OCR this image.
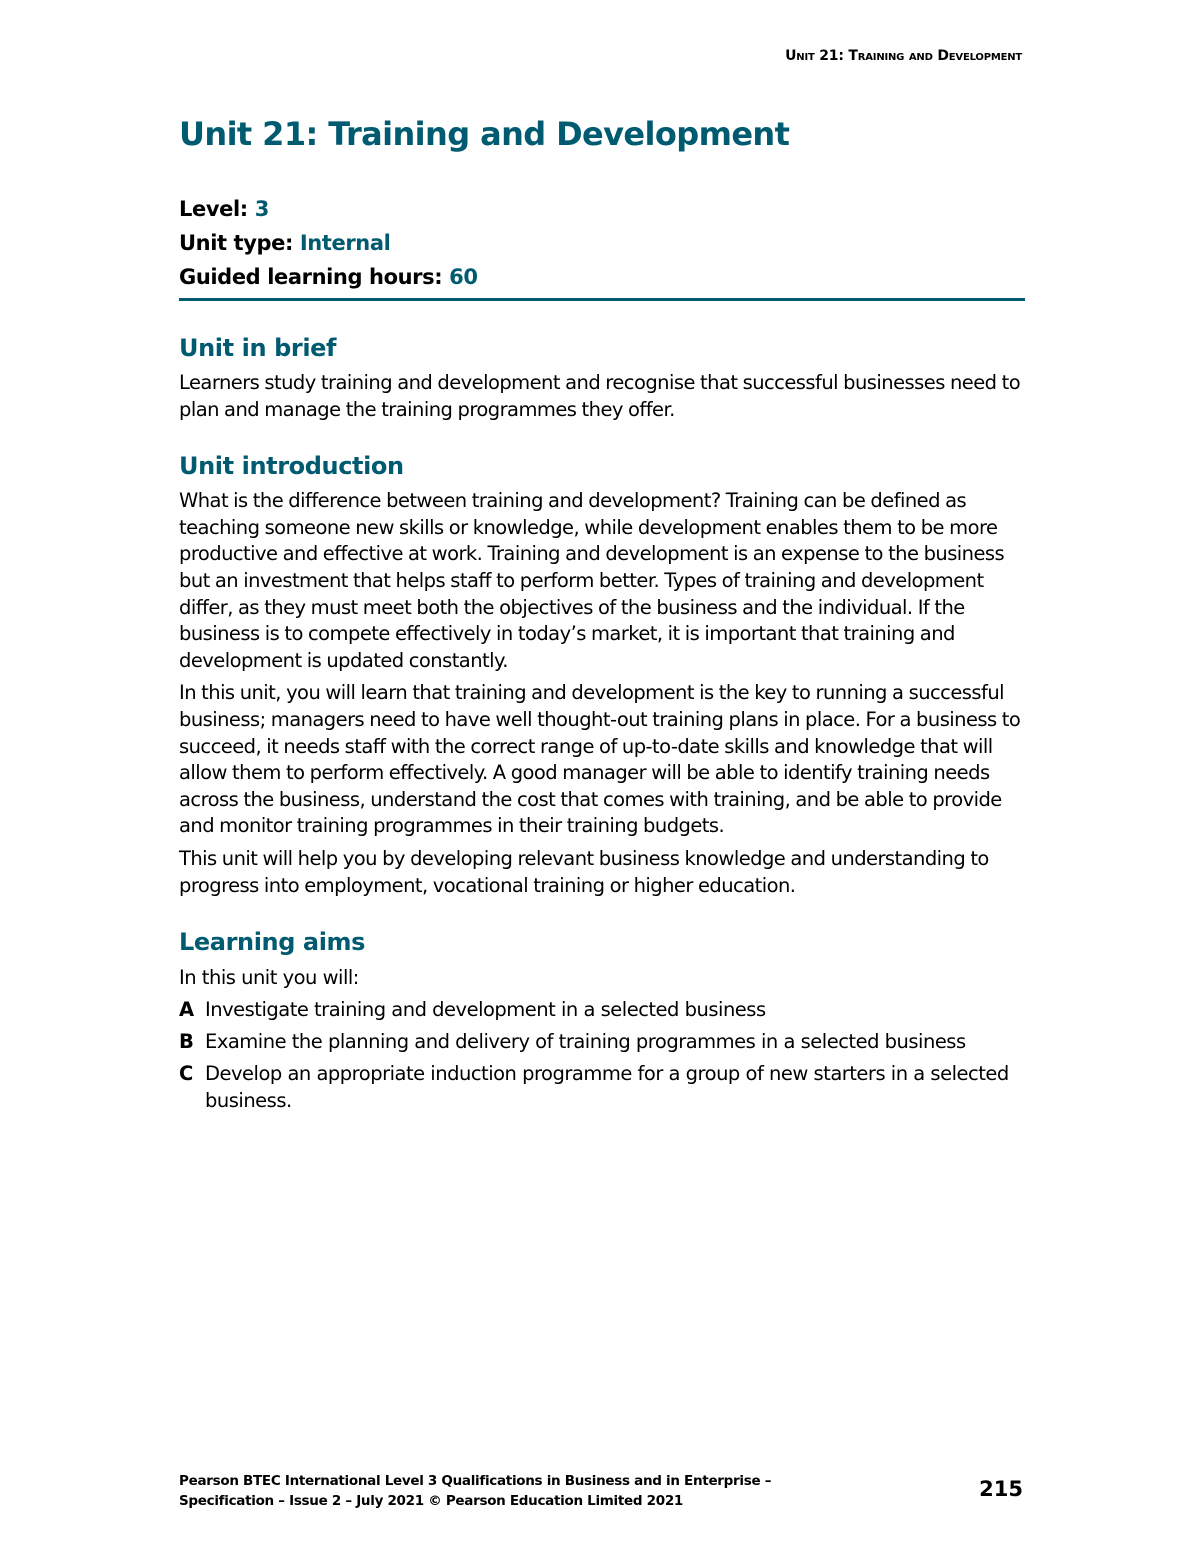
Unit 21: Training and Development
Unit 21: Training and Development
Level: 3
Unit type: Internal
Guided learning hours: 60
Unit in brief

Learners study training and development and recognise that successful businesses need to plan and manage the training programmes they offer.

Unit introduction

What is the difference between training and development? Training can be defined as teaching someone new skills or knowledge, while development enables them to be more productive and effective at work. Training and development is an expense to the business but an investment that helps staff to perform better. Types of training and development differ, as they must meet both the objectives of the business and the individual. If the business is to compete effectively in today’s market, it is important that training and development is updated constantly.

In this unit, you will learn that training and development is the key to running a successful business; managers need to have well thought-out training plans in place. For a business to succeed, it needs staff with the correct range of up-to-date skills and knowledge that will allow them to perform effectively. A good manager will be able to identify training needs across the business, understand the cost that comes with training, and be able to provide and monitor training programmes in their training budgets.

This unit will help you by developing relevant business knowledge and understanding to progress into employment, vocational training or higher education.

Learning aims

In this unit you will:

A Investigate training and development in a selected business
B Examine the planning and delivery of training programmes in a selected business
C Develop an appropriate induction programme for a group of new starters in a selected business.
Pearson BTEC International Level 3 Qualifications in Business and in Enterprise –
Specification – Issue 2 – July 2021 © Pearson Education Limited 2021	215
